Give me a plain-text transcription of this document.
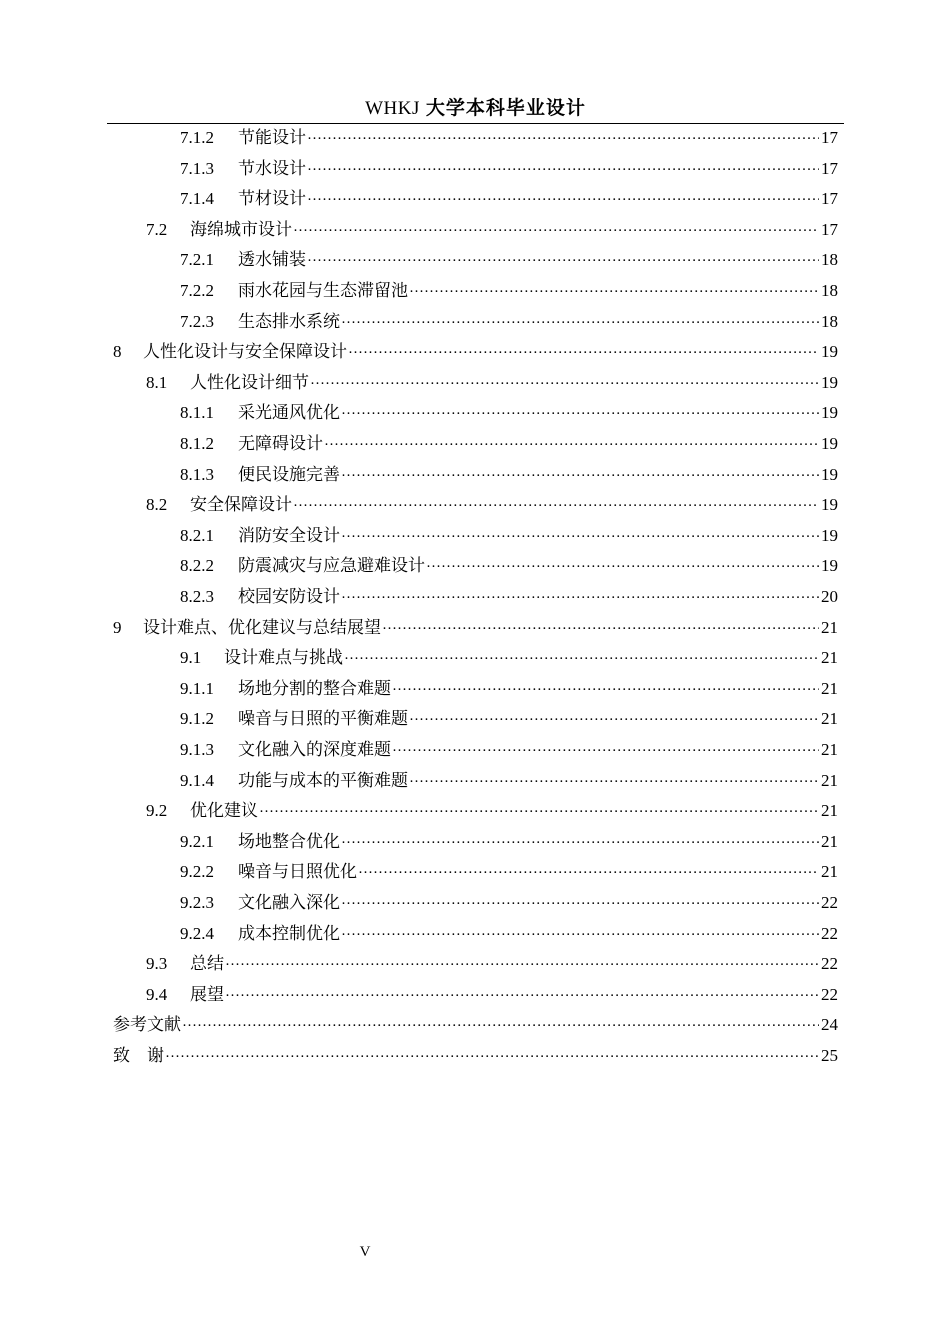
WHKJ 大学本科毕业设计
7.1.2	节能设计 ·····	17
7.1.3	节水设计 ·····	17
7.1.4	节材设计 ·····	17
7.2	海绵城市设计 ·····	17
7.2.1	透水铺装 ·····	18
7.2.2	雨水花园与生态滞留池 ·····	18
7.2.3	生态排水系统 ·····	18
8	人性化设计与安全保障设计 ·····	19
8.1	人性化设计细节 ·····	19
8.1.1	采光通风优化 ·····	19
8.1.2	无障碍设计 ·····	19
8.1.3	便民设施完善 ·····	19
8.2	安全保障设计 ·····	19
8.2.1	消防安全设计 ·····	19
8.2.2	防震减灾与应急避难设计 ·····	19
8.2.3	校园安防设计 ·····	20
9	设计难点、优化建议与总结展望 ·····	21
9.1	设计难点与挑战 ·····	21
9.1.1	场地分割的整合难题 ·····	21
9.1.2	噪音与日照的平衡难题 ·····	21
9.1.3	文化融入的深度难题 ·····	21
9.1.4	功能与成本的平衡难题 ·····	21
9.2	优化建议 ·····	21
9.2.1	场地整合优化 ·····	21
9.2.2	噪音与日照优化 ·····	21
9.2.3	文化融入深化 ·····	22
9.2.4	成本控制优化 ·····	22
9.3	总结 ·····	22
9.4	展望 ·····	22
参考文献 ·····	24
致　谢 ·····	25
V
